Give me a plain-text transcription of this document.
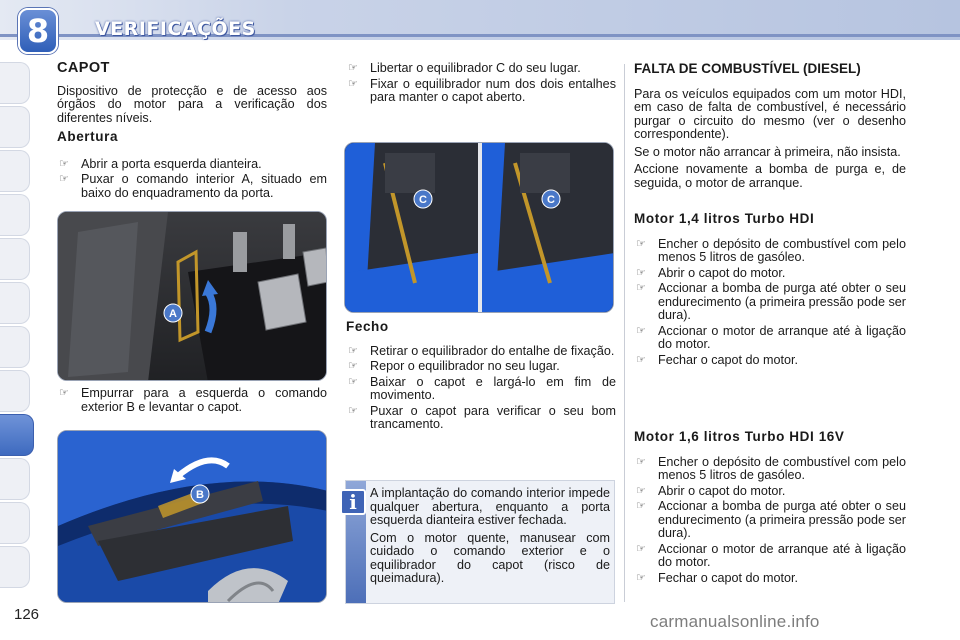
8	VERIFICAÇÕES
126
CAPOT

Dispositivo de protecção e de acesso aos órgãos do motor para a verificação dos diferentes níveis.

Abertura
☞ Abrir a porta esquerda dianteira.
☞ Puxar o comando interior A, situado em baixo do enquadramento da porta.
☞ Empurrar para a esquerda o comando exterior B e levantar o capot.
A
B
☞ Libertar o equilibrador C do seu lugar.
☞ Fixar o equilibrador num dos dois entalhes para manter o capot aberto.
C	C
Fecho
☞ Retirar o equilibrador do entalhe de fixação.
☞ Repor o equilibrador no seu lugar.
☞ Baixar o capot e largá-lo em fim de movimento.
☞ Puxar o capot para verificar o seu bom trancamento.
i	A implantação do comando interior impede qualquer abertura, enquanto a porta esquerda dianteira estiver fechada.

Com o motor quente, manusear com cuidado o comando exterior e o equilibrador do capot (risco de queimadura).

FALTA DE COMBUSTÍVEL (DIESEL)

Para os veículos equipados com um motor HDI, em caso de falta de combustível, é necessário purgar o circuito do mesmo (ver o desenho correspondente).

Se o motor não arrancar à primeira, não insista.

Accione novamente a bomba de purga e, de seguida, o motor de arranque.

Motor 1,4 litros Turbo HDI
☞ Encher o depósito de combustível com pelo menos 5 litros de gasóleo.
☞ Abrir o capot do motor.
☞ Accionar a bomba de purga até obter o seu endurecimento (a primeira pressão pode ser dura).
☞ Accionar o motor de arranque até à ligação do motor.
☞ Fechar o capot do motor.
Motor 1,6 litros Turbo HDI 16V
☞ Encher o depósito de combustível com pelo menos 5 litros de gasóleo.
☞ Abrir o capot do motor.
☞ Accionar a bomba de purga até obter o seu endurecimento (a primeira pressão pode ser dura).
☞ Accionar o motor de arranque até à ligação do motor.
☞ Fechar o capot do motor.
carmanualsonline.info
